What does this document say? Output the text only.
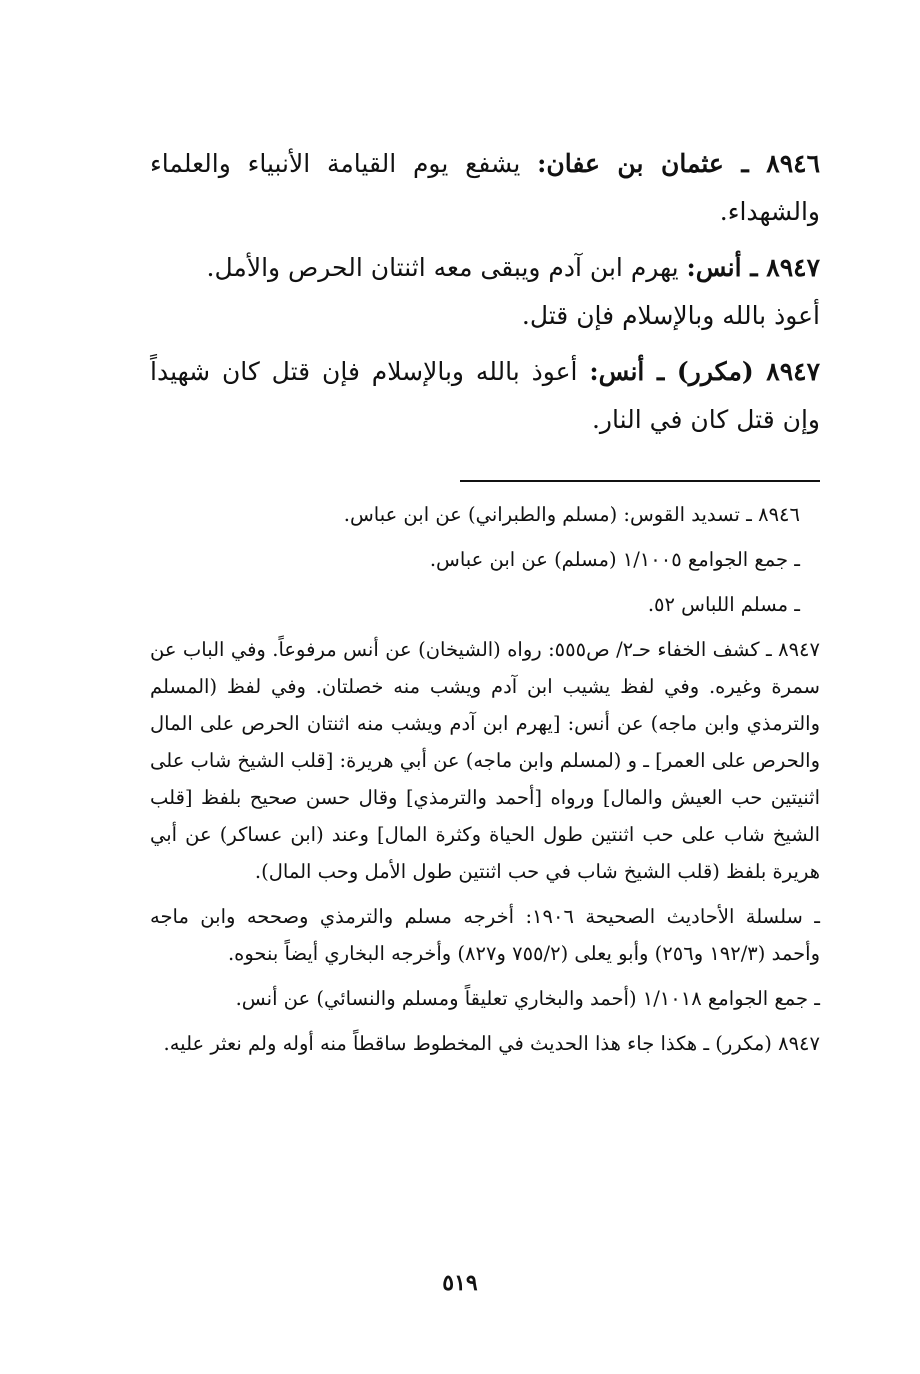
٨٩٤٦ ـ عثمان بن عفان: يشفع يوم القيامة الأنبياء والعلماء والشهداء.

٨٩٤٧ ـ أنس: يهرم ابن آدم ويبقى معه اثنتان الحرص والأمل.
أعوذ بالله وبالإسلام فإن قتل.

٨٩٤٧ (مكرر) ـ أنس: أعوذ بالله وبالإسلام فإن قتل كان شهيداً وإن قتل كان في النار.

٨٩٤٦ ـ تسديد القوس: (مسلم والطبراني) عن ابن عباس.

ـ جمع الجوامع ١/١٠٠٥ (مسلم) عن ابن عباس.

ـ مسلم اللباس ٥٢.

٨٩٤٧ ـ كشف الخفاء حـ٢/ ص٥٥٥: رواه (الشيخان) عن أنس مرفوعاً. وفي الباب عن سمرة وغيره. وفي لفظ يشيب ابن آدم ويشب منه خصلتان. وفي لفظ (المسلم والترمذي وابن ماجه) عن أنس: [يهرم ابن آدم ويشب منه اثنتان الحرص على المال والحرص على العمر] ـ و (لمسلم وابن ماجه) عن أبي هريرة: [قلب الشيخ شاب على اثنيتين حب العيش والمال] ورواه [أحمد والترمذي] وقال حسن صحيح بلفظ [قلب الشيخ شاب على حب اثنتين طول الحياة وكثرة المال] وعند (ابن عساكر) عن أبي هريرة بلفظ (قلب الشيخ شاب في حب اثنتين طول الأمل وحب المال).

ـ سلسلة الأحاديث الصحيحة ١٩٠٦: أخرجه مسلم والترمذي وصححه وابن ماجه وأحمد (١٩٢/٣ و٢٥٦) وأبو يعلى (٧٥٥/٢ و٨٢٧) وأخرجه البخاري أيضاً بنحوه.

ـ جمع الجوامع ١/١٠١٨ (أحمد والبخاري تعليقاً ومسلم والنسائي) عن أنس.

٨٩٤٧ (مكرر) ـ هكذا جاء هذا الحديث في المخطوط ساقطاً منه أوله ولم نعثر عليه.

٥١٩
